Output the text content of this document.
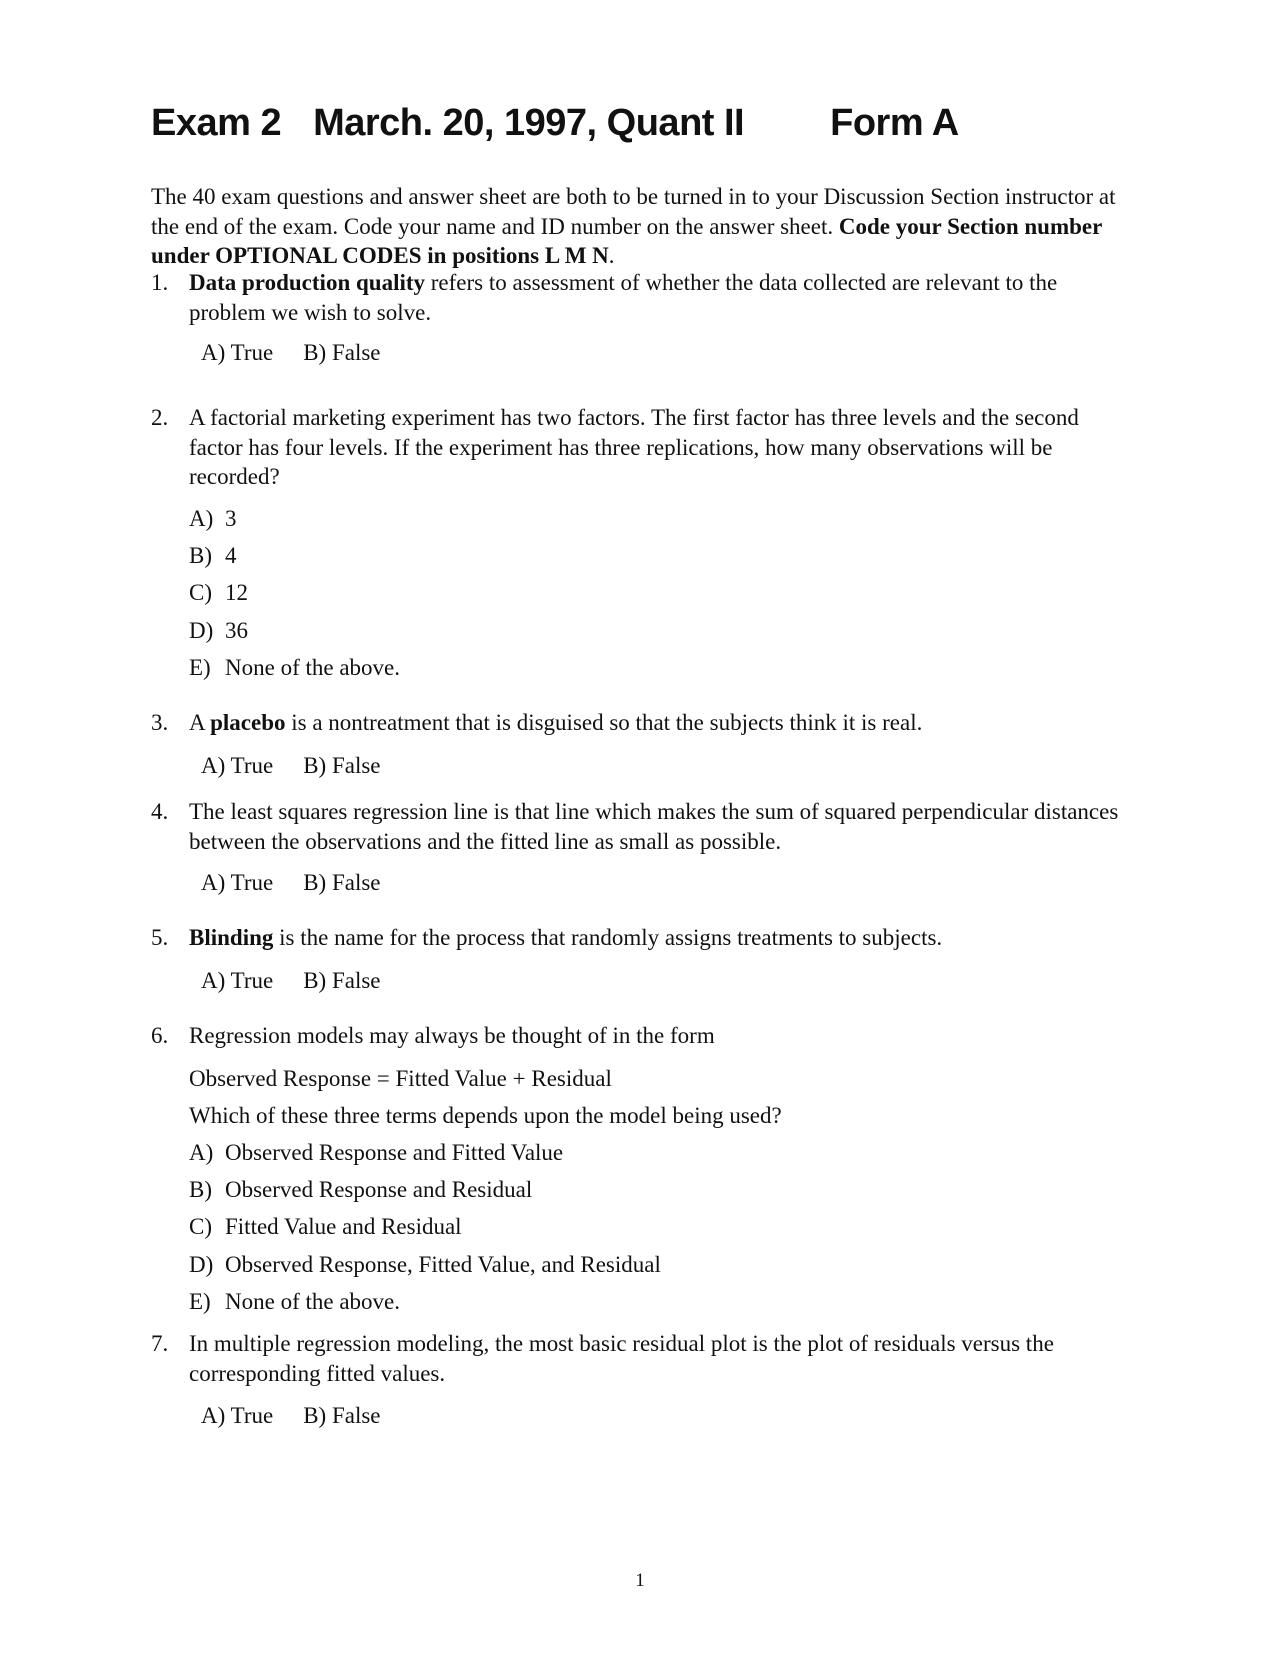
Exam 2 March. 20, 1997, Quant II Form A

The 40 exam questions and answer sheet are both to be turned in to your Discussion Section instructor at the end of the exam. Code your name and ID number on the answer sheet. Code your Section number under OPTIONAL CODES in positions L M N.

1. Data production quality refers to assessment of whether the data collected are relevant to the problem we wish to solve.
A) True B) False
2. A factorial marketing experiment has two factors. The first factor has three levels and the second factor has four levels. If the experiment has three replications, how many observations will be recorded?
A) 3
B) 4
C) 12
D) 36
E) None of the above.
3. A placebo is a nontreatment that is disguised so that the subjects think it is real.
A) True B) False
4. The least squares regression line is that line which makes the sum of squared perpendicular distances between the observations and the fitted line as small as possible.
A) True B) False
5. Blinding is the name for the process that randomly assigns treatments to subjects.
A) True B) False
6. Regression models may always be thought of in the form
Observed Response = Fitted Value + Residual
Which of these three terms depends upon the model being used?
A) Observed Response and Fitted Value
B) Observed Response and Residual
C) Fitted Value and Residual
D) Observed Response, Fitted Value, and Residual
E) None of the above.
7. In multiple regression modeling, the most basic residual plot is the plot of residuals versus the corresponding fitted values.
A) True B) False
1
